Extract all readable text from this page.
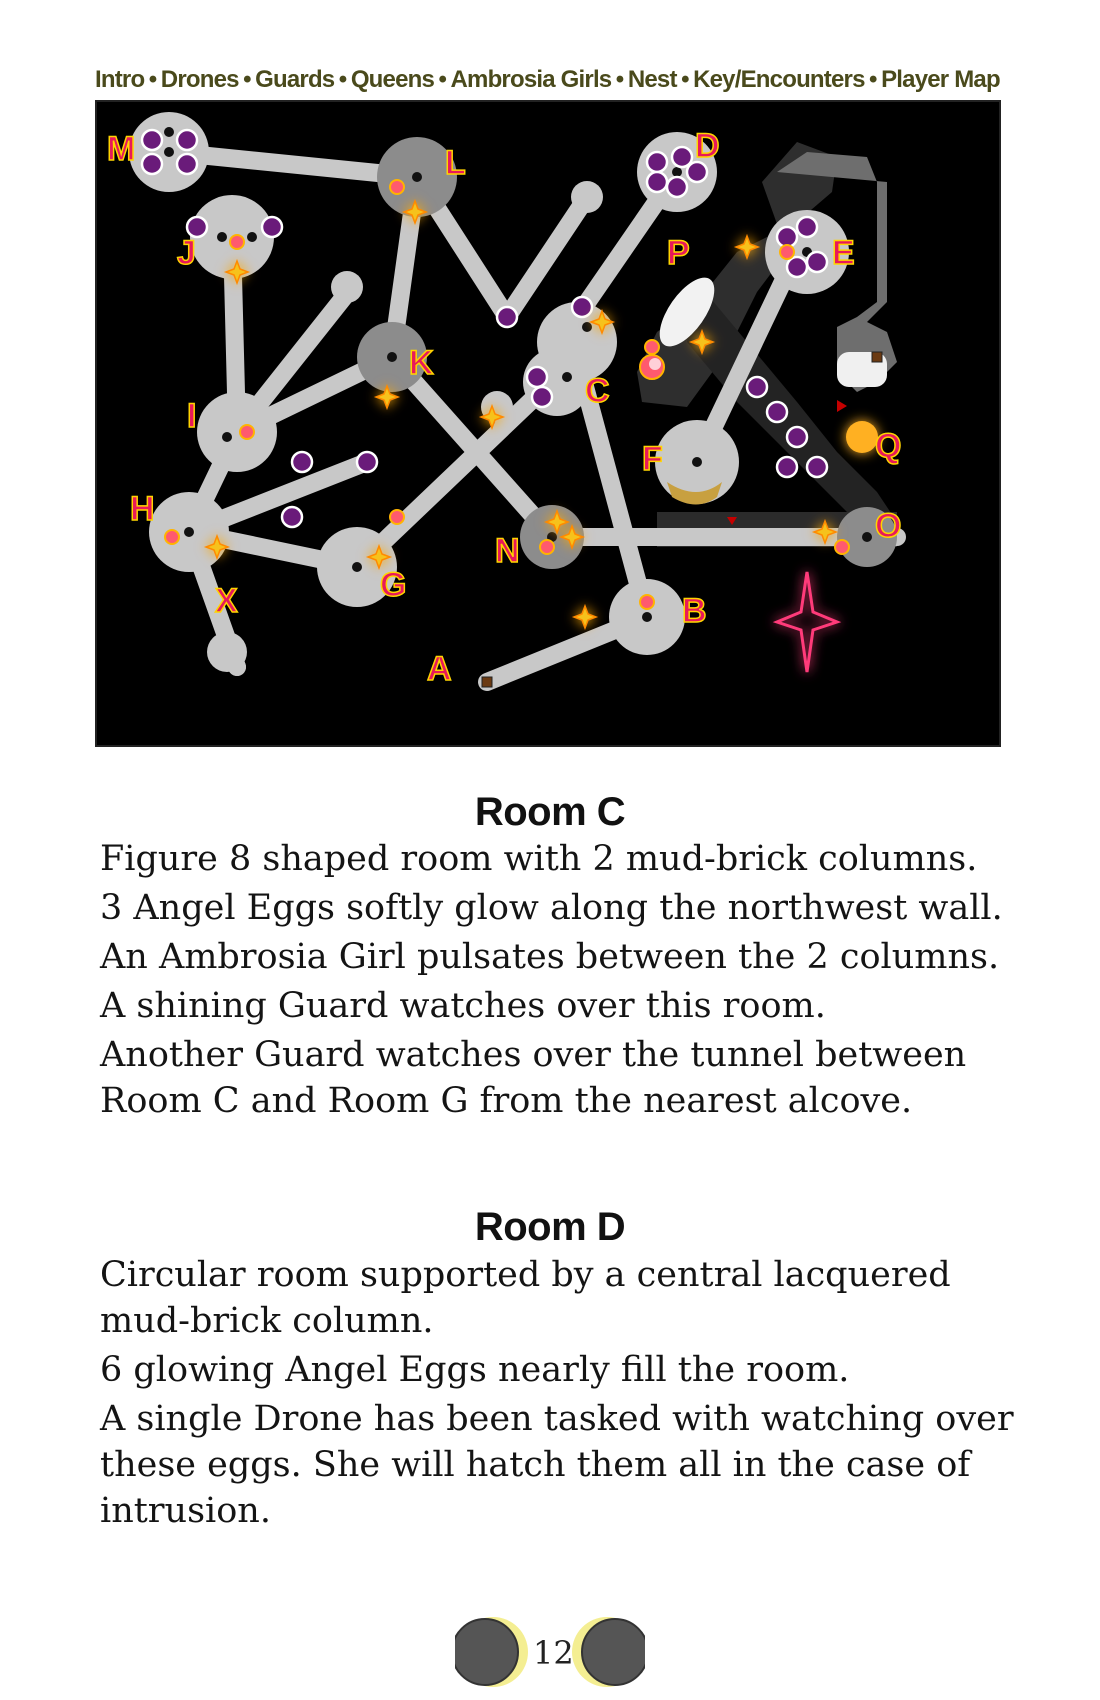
Intro • Drones • Guards • Queens • Ambrosia Girls • Nest • Key/Encounters • Player Map
M	L	D
J	P	E
K
C
I
F	Q
H
N
O
G
X	B
A
Room C
Figure 8 shaped room with 2 mud-brick columns.
3 Angel Eggs softly glow along the northwest wall.
An Ambrosia Girl pulsates between the 2 columns.
A shining Guard watches over this room.
Another Guard watches over the tunnel between Room C and Room G from the nearest alcove.
Room D
Circular room supported by a central lacquered mud-brick column.
6 glowing Angel Eggs nearly fill the room.
A single Drone has been tasked with watching over these eggs. She will hatch them all in the case of intrusion.
12
